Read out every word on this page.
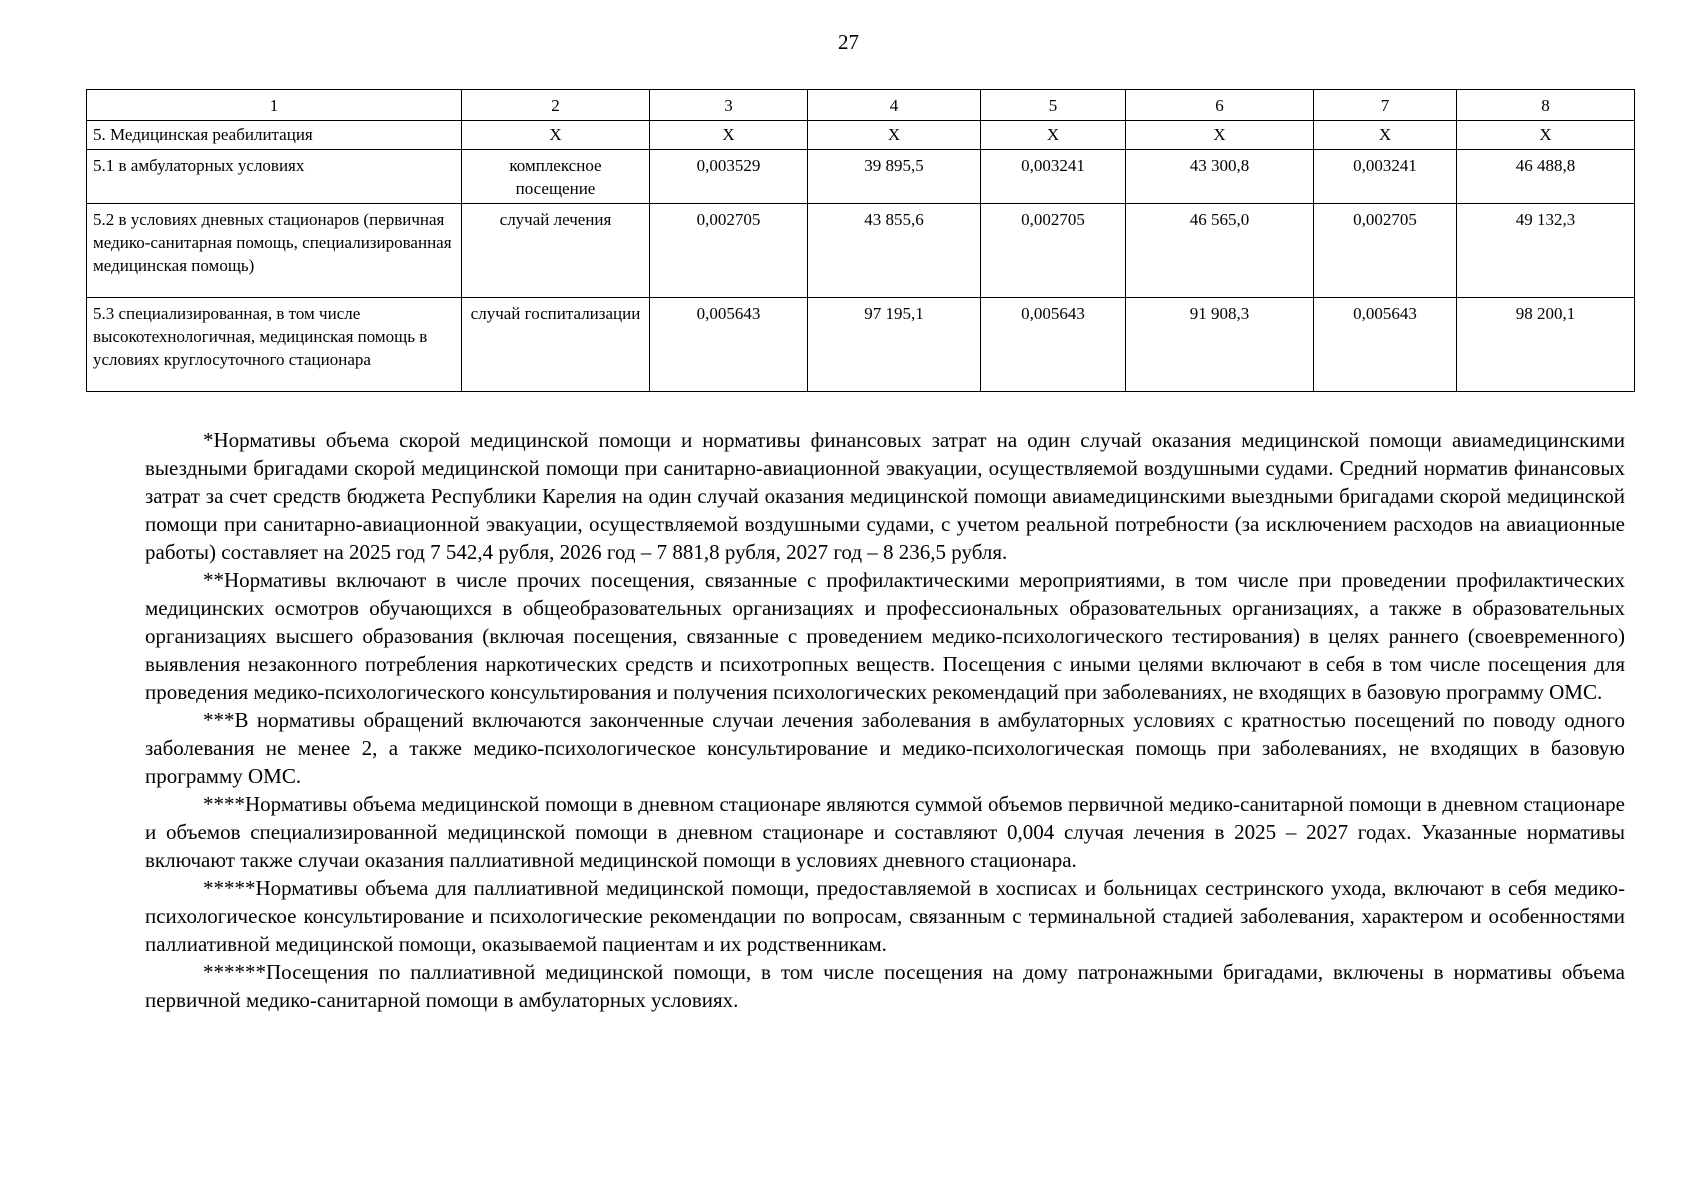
27
1	2	3	4	5	6	7	8
5. Медицинская реабилитация	Х	Х	Х	Х	Х	Х	Х
5.1 в амбулаторных условиях	комплексное посещение	0,003529	39 895,5	0,003241	43 300,8	0,003241	46 488,8
5.2 в условиях дневных стационаров (первичная медико-санитарная помощь, специализированная медицинская помощь)	случай лечения	0,002705	43 855,6	0,002705	46 565,0	0,002705	49 132,3
5.3 специализированная, в том числе высокотехнологичная, медицинская помощь в условиях круглосуточного стационара	случай госпитализации	0,005643	97 195,1	0,005643	91 908,3	0,005643	98 200,1

*Нормативы объема скорой медицинской помощи и нормативы финансовых затрат на один случай оказания медицинской помощи авиамедицинскими выездными бригадами скорой медицинской помощи при санитарно-авиационной эвакуации, осуществляемой воздушными судами. Средний норматив финансовых затрат за счет средств бюджета Республики Карелия на один случай оказания медицинской помощи авиамедицинскими выездными бригадами скорой медицинской помощи при санитарно-авиационной эвакуации, осуществляемой воздушными судами, с учетом реальной потребности (за исключением расходов на авиационные работы) составляет на 2025 год 7 542,4 рубля, 2026 год – 7 881,8 рубля, 2027 год – 8 236,5 рубля.

**Нормативы включают в числе прочих посещения, связанные с профилактическими мероприятиями, в том числе при проведении профилактических медицинских осмотров обучающихся в общеобразовательных организациях и профессиональных образовательных организациях, а также в образовательных организациях высшего образования (включая посещения, связанные с проведением медико-психологического тестирования) в целях раннего (своевременного) выявления незаконного потребления наркотических средств и психотропных веществ. Посещения с иными целями включают в себя в том числе посещения для проведения медико-психологического консультирования и получения психологических рекомендаций при заболеваниях, не входящих в базовую программу ОМС.

***В нормативы обращений включаются законченные случаи лечения заболевания в амбулаторных условиях с кратностью посещений по поводу одного заболевания не менее 2, а также медико-психологическое консультирование и медико-психологическая помощь при заболеваниях, не входящих в базовую программу ОМС.

****Нормативы объема медицинской помощи в дневном стационаре являются суммой объемов первичной медико-санитарной помощи в дневном стационаре и объемов специализированной медицинской помощи в дневном стационаре и составляют 0,004 случая лечения в 2025 – 2027 годах. Указанные нормативы включают также случаи оказания паллиативной медицинской помощи в условиях дневного стационара.

*****Нормативы объема для паллиативной медицинской помощи, предоставляемой в хосписах и больницах сестринского ухода, включают в себя медико-психологическое консультирование и психологические рекомендации по вопросам, связанным с терминальной стадией заболевания, характером и особенностями паллиативной медицинской помощи, оказываемой пациентам и их родственникам.

******Посещения по паллиативной медицинской помощи, в том числе посещения на дому патронажными бригадами, включены в нормативы объема первичной медико-санитарной помощи в амбулаторных условиях.
